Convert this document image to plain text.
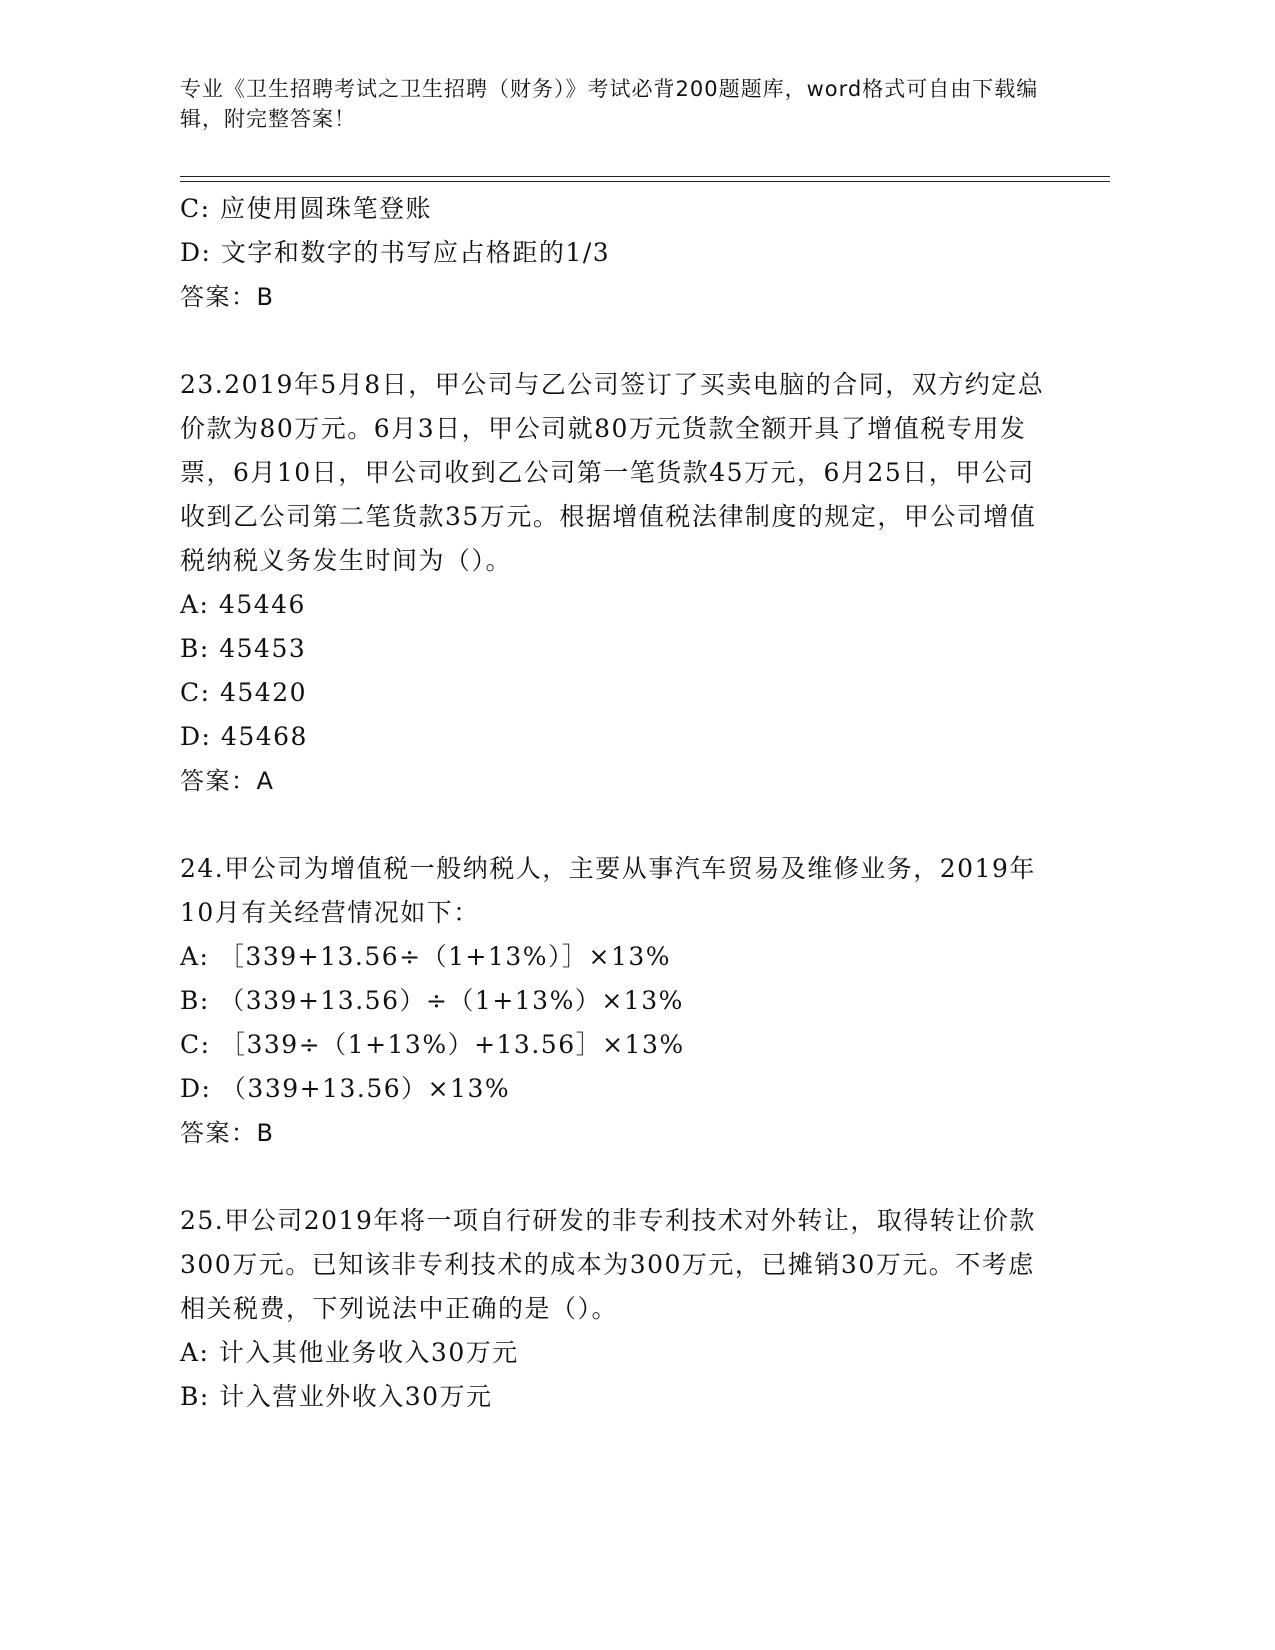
专业《卫生招聘考试之卫生招聘（财务）》考试必背200题题库，word格式可自由下载编辑，附完整答案！

C: 应使用圆珠笔登账

D: 文字和数字的书写应占格距的1/3

答案：B

23.2019年5月8日，甲公司与乙公司签订了买卖电脑的合同，双方约定总价款为80万元。6月3日，甲公司就80万元货款全额开具了增值税专用发票，6月10日，甲公司收到乙公司第一笔货款45万元，6月25日，甲公司收到乙公司第二笔货款35万元。根据增值税法律制度的规定，甲公司增值税纳税义务发生时间为（）。

A: 45446

B: 45453

C: 45420

D: 45468

答案：A

24.甲公司为增值税一般纳税人，主要从事汽车贸易及维修业务，2019年10月有关经营情况如下：

A: ［339+13.56÷（1+13%）］×13%

B: （339+13.56）÷（1+13%）×13%

C: ［339÷（1+13%）+13.56］×13%

D: （339+13.56）×13%

答案：B

25.甲公司2019年将一项自行研发的非专利技术对外转让，取得转让价款300万元。已知该非专利技术的成本为300万元，已摊销30万元。不考虑相关税费，下列说法中正确的是（）。

A: 计入其他业务收入30万元

B: 计入营业外收入30万元
